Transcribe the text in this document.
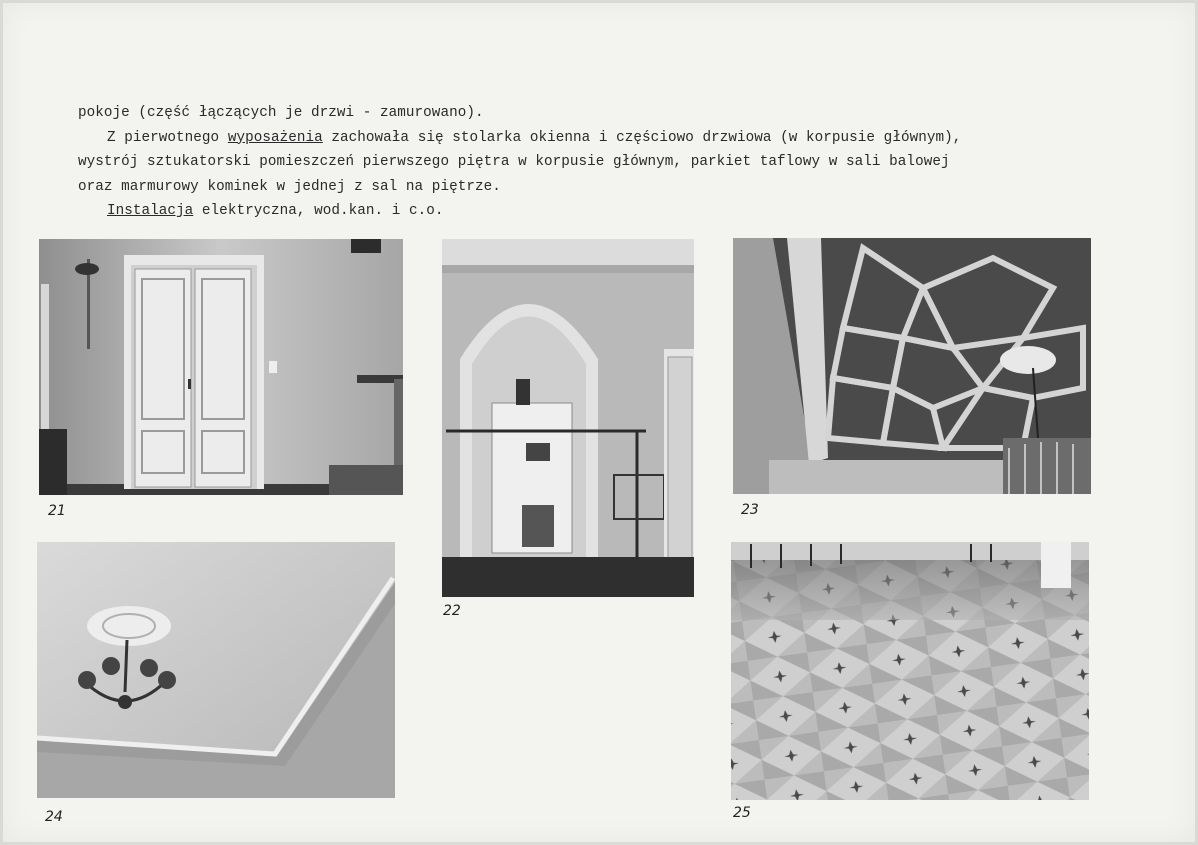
pokoje (część łączących je drzwi - zamurowano).

Z pierwotnego wyposażenia zachowała się stolarka okienna i częściowo drzwiowa (w korpusie głównym),

wystrój sztukatorski pomieszczeń pierwszego piętra w korpusie głównym, parkiet taflowy w sali balowej

oraz marmurowy kominek w jednej z sal na piętrze.

Instalacja elektryczna, wod.kan. i c.o.

21
22
23
24	25
